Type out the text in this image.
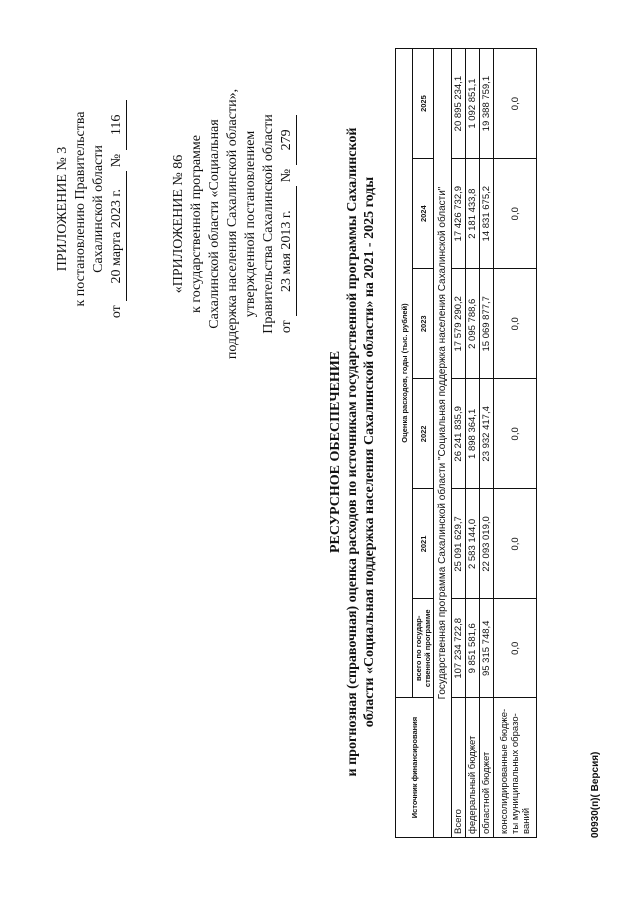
ПРИЛОЖЕНИЕ № 3 к постановлению Правительства Сахалинской области
от
20 марта 2023 г.
№
116
«ПРИЛОЖЕНИЕ № 86 к государственной программе Сахалинской области «Социальная поддержка населения Сахалинской области», утвержденной постановлением Правительства Сахалинской области от
23 мая 2013 г.
№
279
РЕСУРСНОЕ ОБЕСПЕЧЕНИЕ и прогнозная (справочная) оценка расходов по источникам государственной программы Сахалинской области «Социальная поддержка населения Сахалинской области» на 2021 - 2025 годы
Источник финансирования	Оценка расходов, годы (тыс. рублей)					
	всего по государ-ственной программе	2021	2022	2023	2024	2025
Государственная программа Сахалинской области "Социальная поддержка населения Сахалинской области"						
Всего	107 234 722,8	25 091 629,7	26 241 835,9	17 579 290,2	17 426 732,9	20 895 234,1
федеральный бюджет	9 851 581,6	2 583 144,0	1 898 364,1	2 095 788,6	2 181 433,8	1 092 851,1
областной бюджет	95 315 748,4	22 093 019,0	23 932 417,4	15 069 877,7	14 831 675,2	19 388 759,1
консолидированные бюдже-ты муниципальных образо-ваний	0,0	0,0	0,0	0,0	0,0	0,0
00930(п)( Версия)
